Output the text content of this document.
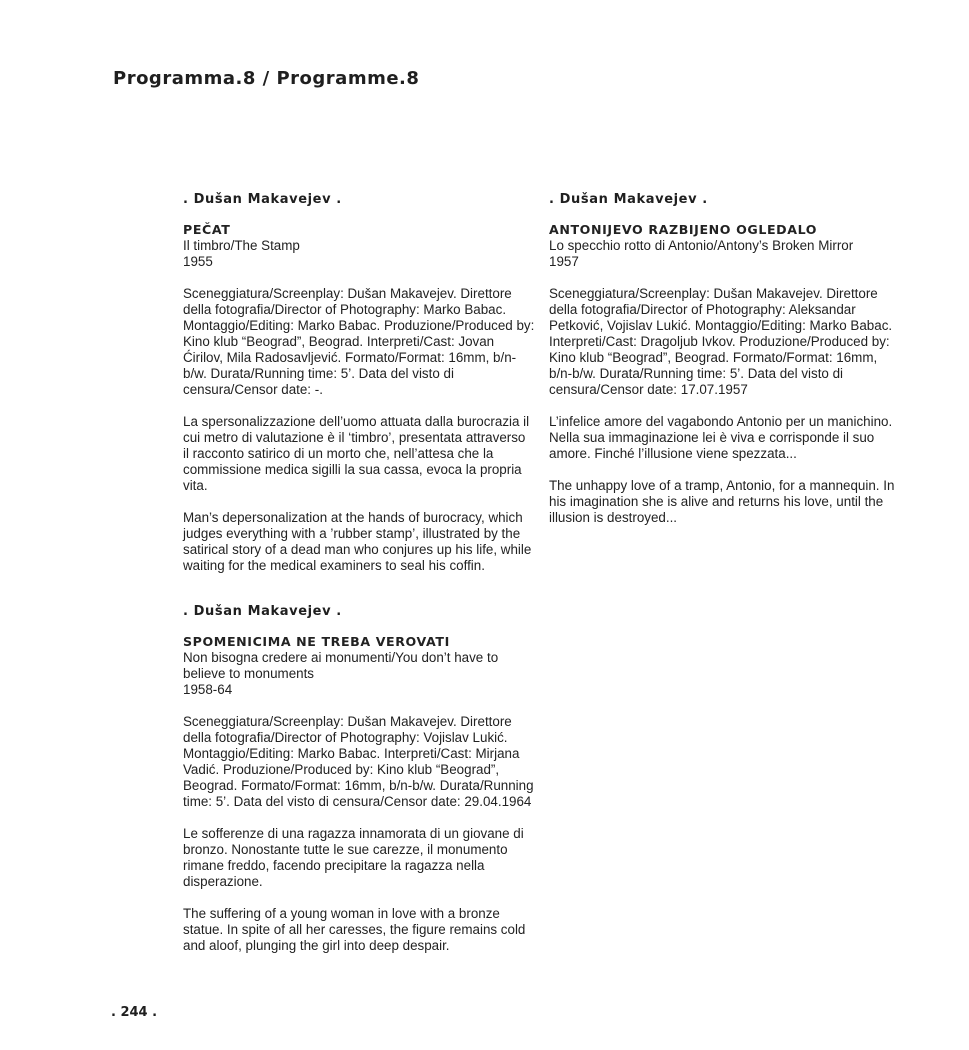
Programma.8 / Programme.8
. Dušan Makavejev .
PEČAT

Il timbro/The Stamp

1955

Sceneggiatura/Screenplay: Dušan Makavejev. Direttore della fotografia/Director of Photography: Marko Babac. Montaggio/Editing: Marko Babac. Produzione/Produced by: Kino klub “Beograd”, Beograd. Interpreti/Cast: Jovan Ćirilov, Mila Radosavljević. Formato/Format: 16mm, b/n-b/w. Durata/Running time: 5’. Data del visto di censura/Censor date: -.

La spersonalizzazione dell’uomo attuata dalla burocrazia il cui metro di valutazione è il ‘timbro’, presentata attraverso il racconto satirico di un morto che, nell’attesa che la commissione medica sigilli la sua cassa, evoca la propria vita.

Man’s depersonalization at the hands of burocracy, which judges everything with a ’rubber stamp’, illustrated by the satirical story of a dead man who conjures up his life, while waiting for the medical examiners to seal his coffin.

. Dušan Makavejev .
ANTONIJEVO RAZBIJENO OGLEDALO

Lo specchio rotto di Antonio/Antony’s Broken Mirror

1957

Sceneggiatura/Screenplay: Dušan Makavejev. Direttore della fotografia/Director of Photography: Aleksandar Petković, Vojislav Lukić. Montaggio/Editing: Marko Babac. Interpreti/Cast: Dragoljub Ivkov. Produzione/Produced by: Kino klub “Beograd”, Beograd. Formato/Format: 16mm, b/n-b/w. Durata/Running time: 5’. Data del visto di censura/Censor date: 17.07.1957

L’infelice amore del vagabondo Antonio per un manichino. Nella sua immaginazione lei è viva e corrisponde il suo amore. Finché l’illusione viene spezzata...

The unhappy love of a tramp, Antonio, for a mannequin. In his imagination she is alive and returns his love, until the illusion is destroyed...

. Dušan Makavejev .
SPOMENICIMA NE TREBA VEROVATI

Non bisogna credere ai monumenti/You don’t have to believe to monuments

1958-64

Sceneggiatura/Screenplay: Dušan Makavejev. Direttore della fotografia/Director of Photography: Vojislav Lukić. Montaggio/Editing: Marko Babac. Interpreti/Cast: Mirjana Vadić. Produzione/Produced by: Kino klub “Beograd”, Beograd. Formato/Format: 16mm, b/n-b/w. Durata/Running time: 5’. Data del visto di censura/Censor date: 29.04.1964

Le sofferenze di una ragazza innamorata di un giovane di bronzo. Nonostante tutte le sue carezze, il monumento rimane freddo, facendo precipitare la ragazza nella disperazione.

The suffering of a young woman in love with a bronze statue. In spite of all her caresses, the figure remains cold and aloof, plunging the girl into deep despair.

. 244 .
